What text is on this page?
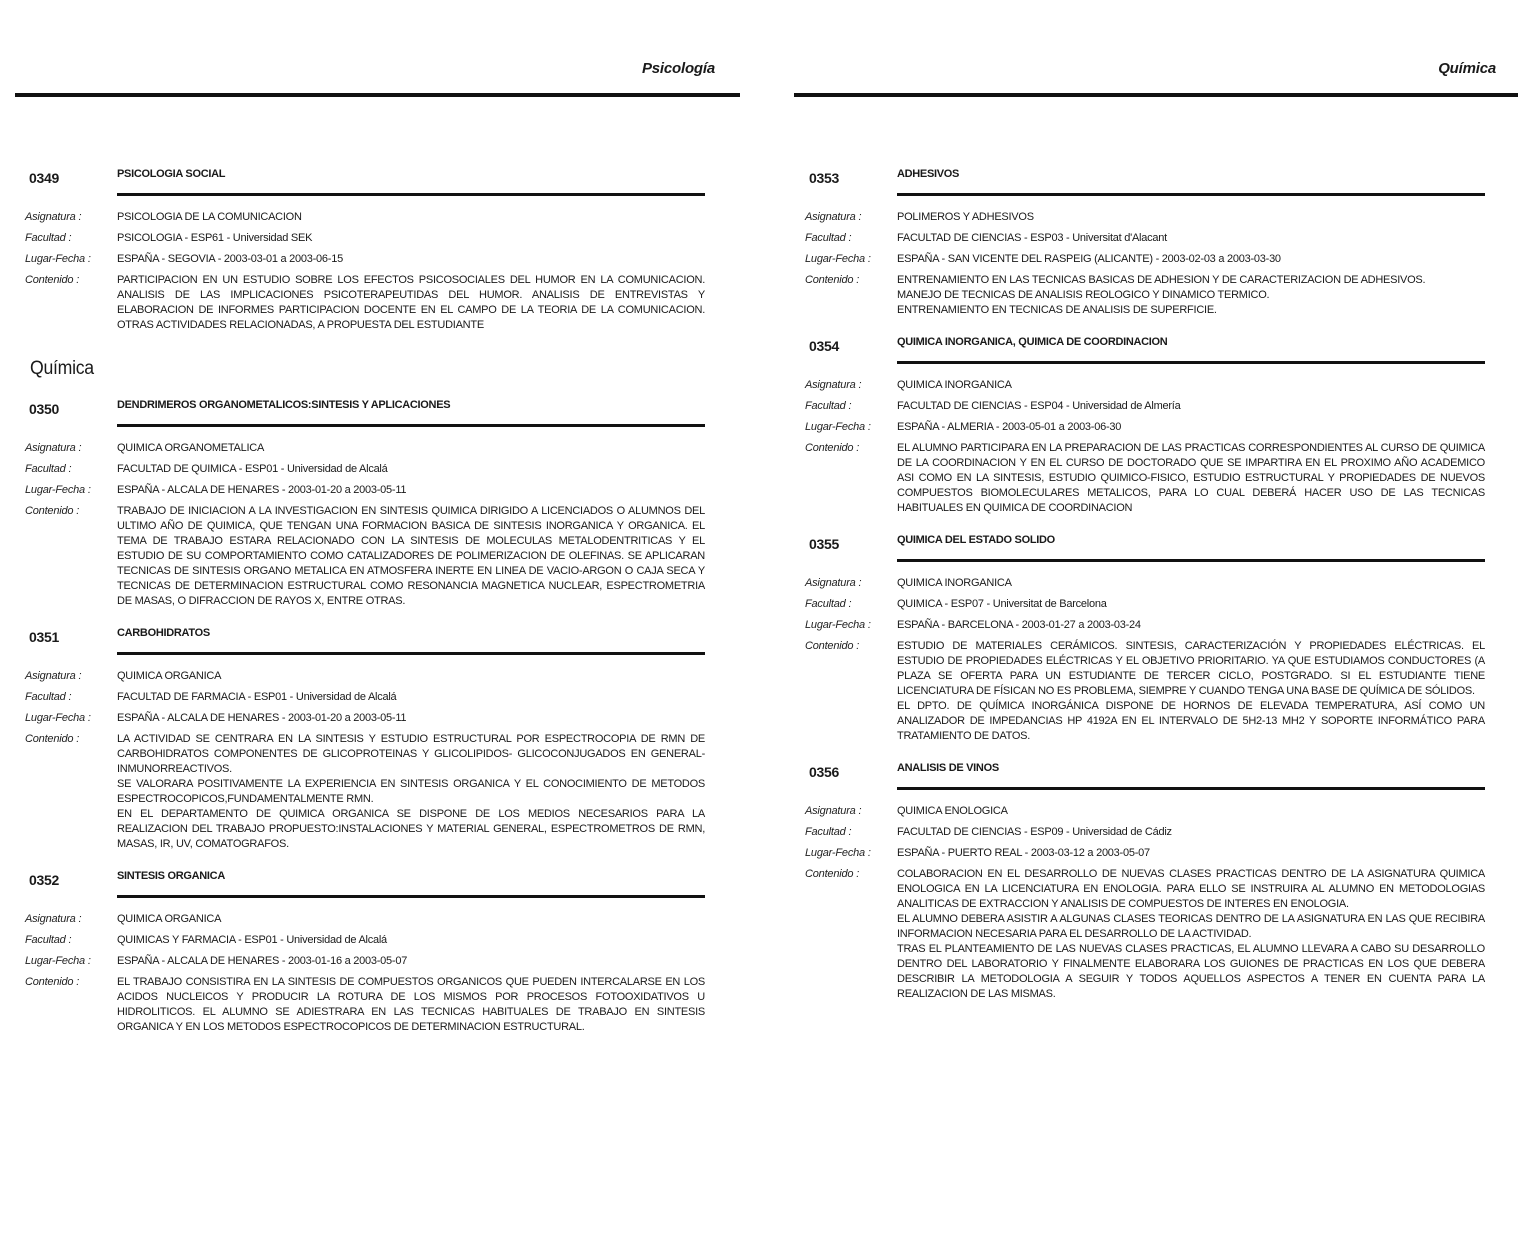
Psicología
0349	PSICOLOGIA SOCIAL
Asignatura :	PSICOLOGIA DE LA COMUNICACION
Facultad :	PSICOLOGIA - ESP61 - Universidad SEK
Lugar-Fecha :	ESPAÑA - SEGOVIA - 2003-03-01 a 2003-06-15
Contenido :	PARTICIPACION EN UN ESTUDIO SOBRE LOS EFECTOS PSICOSOCIALES DEL HUMOR EN LA COMUNICACION. ANALISIS DE LAS IMPLICACIONES PSICOTERAPEUTIDAS DEL HUMOR. ANALISIS DE ENTREVISTAS Y ELABORACION DE INFORMES PARTICIPACION DOCENTE EN EL CAMPO DE LA TEORIA DE LA COMUNICACION. OTRAS ACTIVIDADES RELACIONADAS, A PROPUESTA DEL ESTUDIANTE
Química
0350	DENDRIMEROS ORGANOMETALICOS:SINTESIS Y APLICACIONES
Asignatura :	QUIMICA ORGANOMETALICA
Facultad :	FACULTAD DE QUIMICA - ESP01 - Universidad de Alcalá
Lugar-Fecha :	ESPAÑA - ALCALA DE HENARES - 2003-01-20 a 2003-05-11
Contenido :	TRABAJO DE INICIACION A LA INVESTIGACION EN SINTESIS QUIMICA DIRIGIDO A LICENCIADOS O ALUMNOS DEL ULTIMO AÑO DE QUIMICA, QUE TENGAN UNA FORMACION BASICA DE SINTESIS INORGANICA Y ORGANICA. EL TEMA DE TRABAJO ESTARA RELACIONADO CON LA SINTESIS DE MOLECULAS METALODENTRITICAS Y EL ESTUDIO DE SU COMPORTAMIENTO COMO CATALIZADORES DE POLIMERIZACION DE OLEFINAS. SE APLICARAN TECNICAS DE SINTESIS ORGANO METALICA EN ATMOSFERA INERTE EN LINEA DE VACIO-ARGON O CAJA SECA Y TECNICAS DE DETERMINACION ESTRUCTURAL COMO RESONANCIA MAGNETICA NUCLEAR, ESPECTROMETRIA DE MASAS, O DIFRACCION DE RAYOS X, ENTRE OTRAS.
0351	CARBOHIDRATOS
Asignatura :	QUIMICA ORGANICA
Facultad :	FACULTAD DE FARMACIA - ESP01 - Universidad de Alcalá
Lugar-Fecha :	ESPAÑA - ALCALA DE HENARES - 2003-01-20 a 2003-05-11
Contenido :	LA ACTIVIDAD SE CENTRARA EN LA SINTESIS Y ESTUDIO ESTRUCTURAL POR ESPECTROCOPIA DE RMN DE CARBOHIDRATOS COMPONENTES DE GLICOPROTEINAS Y GLICOLIPIDOS- GLICOCONJUGADOS EN GENERAL-INMUNORREACTIVOS.
SE VALORARA POSITIVAMENTE LA EXPERIENCIA EN SINTESIS ORGANICA Y EL CONOCIMIENTO DE METODOS ESPECTROCOPICOS,FUNDAMENTALMENTE RMN.
EN EL DEPARTAMENTO DE QUIMICA ORGANICA SE DISPONE DE LOS MEDIOS NECESARIOS PARA LA REALIZACION DEL TRABAJO PROPUESTO:INSTALACIONES Y MATERIAL GENERAL, ESPECTROMETROS DE RMN, MASAS, IR, UV, COMATOGRAFOS.
0352	SINTESIS ORGANICA
Asignatura :	QUIMICA ORGANICA
Facultad :	QUIMICAS Y FARMACIA - ESP01 - Universidad de Alcalá
Lugar-Fecha :	ESPAÑA - ALCALA DE HENARES - 2003-01-16 a 2003-05-07
Contenido :	EL TRABAJO CONSISTIRA EN LA SINTESIS DE COMPUESTOS ORGANICOS QUE PUEDEN INTERCALARSE EN LOS ACIDOS NUCLEICOS Y PRODUCIR LA ROTURA DE LOS MISMOS POR PROCESOS FOTOOXIDATIVOS U HIDROLITICOS. EL ALUMNO SE ADIESTRARA EN LAS TECNICAS HABITUALES DE TRABAJO EN SINTESIS ORGANICA Y EN LOS METODOS ESPECTROCOPICOS DE DETERMINACION ESTRUCTURAL.
Química
0353	ADHESIVOS
Asignatura :	POLIMEROS Y ADHESIVOS
Facultad :	FACULTAD DE CIENCIAS - ESP03 - Universitat d'Alacant
Lugar-Fecha :	ESPAÑA - SAN VICENTE DEL RASPEIG (ALICANTE) - 2003-02-03 a 2003-03-30
Contenido :	ENTRENAMIENTO EN LAS TECNICAS BASICAS DE ADHESION Y DE CARACTERIZACION DE ADHESIVOS.
MANEJO DE TECNICAS DE ANALISIS REOLOGICO Y DINAMICO TERMICO.
ENTRENAMIENTO EN TECNICAS DE ANALISIS DE SUPERFICIE.
0354	QUIMICA INORGANICA, QUIMICA DE COORDINACION
Asignatura :	QUIMICA INORGANICA
Facultad :	FACULTAD DE CIENCIAS - ESP04 - Universidad de Almería
Lugar-Fecha :	ESPAÑA - ALMERIA - 2003-05-01 a 2003-06-30
Contenido :	EL ALUMNO PARTICIPARA EN LA PREPARACION DE LAS PRACTICAS CORRESPONDIENTES AL CURSO DE QUIMICA DE LA COORDINACION Y EN EL CURSO DE DOCTORADO QUE SE IMPARTIRA EN EL PROXIMO AÑO ACADEMICO ASI COMO EN LA SINTESIS, ESTUDIO QUIMICO-FISICO, ESTUDIO ESTRUCTURAL Y PROPIEDADES DE NUEVOS COMPUESTOS BIOMOLECULARES METALICOS, PARA LO CUAL DEBERÁ HACER USO DE LAS TECNICAS HABITUALES EN QUIMICA DE COORDINACION
0355	QUIMICA DEL ESTADO SOLIDO
Asignatura :	QUIMICA INORGANICA
Facultad :	QUIMICA - ESP07 - Universitat de Barcelona
Lugar-Fecha :	ESPAÑA - BARCELONA - 2003-01-27 a 2003-03-24
Contenido :	ESTUDIO DE MATERIALES CERÁMICOS. SINTESIS, CARACTERIZACIÓN Y PROPIEDADES ELÉCTRICAS. EL ESTUDIO DE PROPIEDADES ELÉCTRICAS Y EL OBJETIVO PRIORITARIO. YA QUE ESTUDIAMOS CONDUCTORES (A PLAZA SE OFERTA PARA UN ESTUDIANTE DE TERCER CICLO, POSTGRADO. SI EL ESTUDIANTE TIENE LICENCIATURA DE FÍSICAN NO ES PROBLEMA, SIEMPRE Y CUANDO TENGA UNA BASE DE QUÍMICA DE SÓLIDOS.
EL DPTO. DE QUÍMICA INORGÁNICA DISPONE DE HORNOS DE ELEVADA TEMPERATURA, ASÍ COMO UN ANALIZADOR DE IMPEDANCIAS HP 4192A EN EL INTERVALO DE 5H2-13 MH2 Y SOPORTE INFORMÁTICO PARA TRATAMIENTO DE DATOS.
0356	ANALISIS DE VINOS
Asignatura :	QUIMICA ENOLOGICA
Facultad :	FACULTAD DE CIENCIAS - ESP09 - Universidad de Cádiz
Lugar-Fecha :	ESPAÑA - PUERTO REAL - 2003-03-12 a 2003-05-07
Contenido :	COLABORACION EN EL DESARROLLO DE NUEVAS CLASES PRACTICAS DENTRO DE LA ASIGNATURA QUIMICA ENOLOGICA EN LA LICENCIATURA EN ENOLOGIA. PARA ELLO SE INSTRUIRA AL ALUMNO EN METODOLOGIAS ANALITICAS DE EXTRACCION Y ANALISIS DE COMPUESTOS DE INTERES EN ENOLOGIA.
EL ALUMNO DEBERA ASISTIR A ALGUNAS CLASES TEORICAS DENTRO DE LA ASIGNATURA EN LAS QUE RECIBIRA INFORMACION NECESARIA PARA EL DESARROLLO DE LA ACTIVIDAD.
TRAS EL PLANTEAMIENTO DE LAS NUEVAS CLASES PRACTICAS, EL ALUMNO LLEVARA A CABO SU DESARROLLO DENTRO DEL LABORATORIO Y FINALMENTE ELABORARA LOS GUIONES DE PRACTICAS EN LOS QUE DEBERA DESCRIBIR LA METODOLOGIA A SEGUIR Y TODOS AQUELLOS ASPECTOS A TENER EN CUENTA PARA LA REALIZACION DE LAS MISMAS.
